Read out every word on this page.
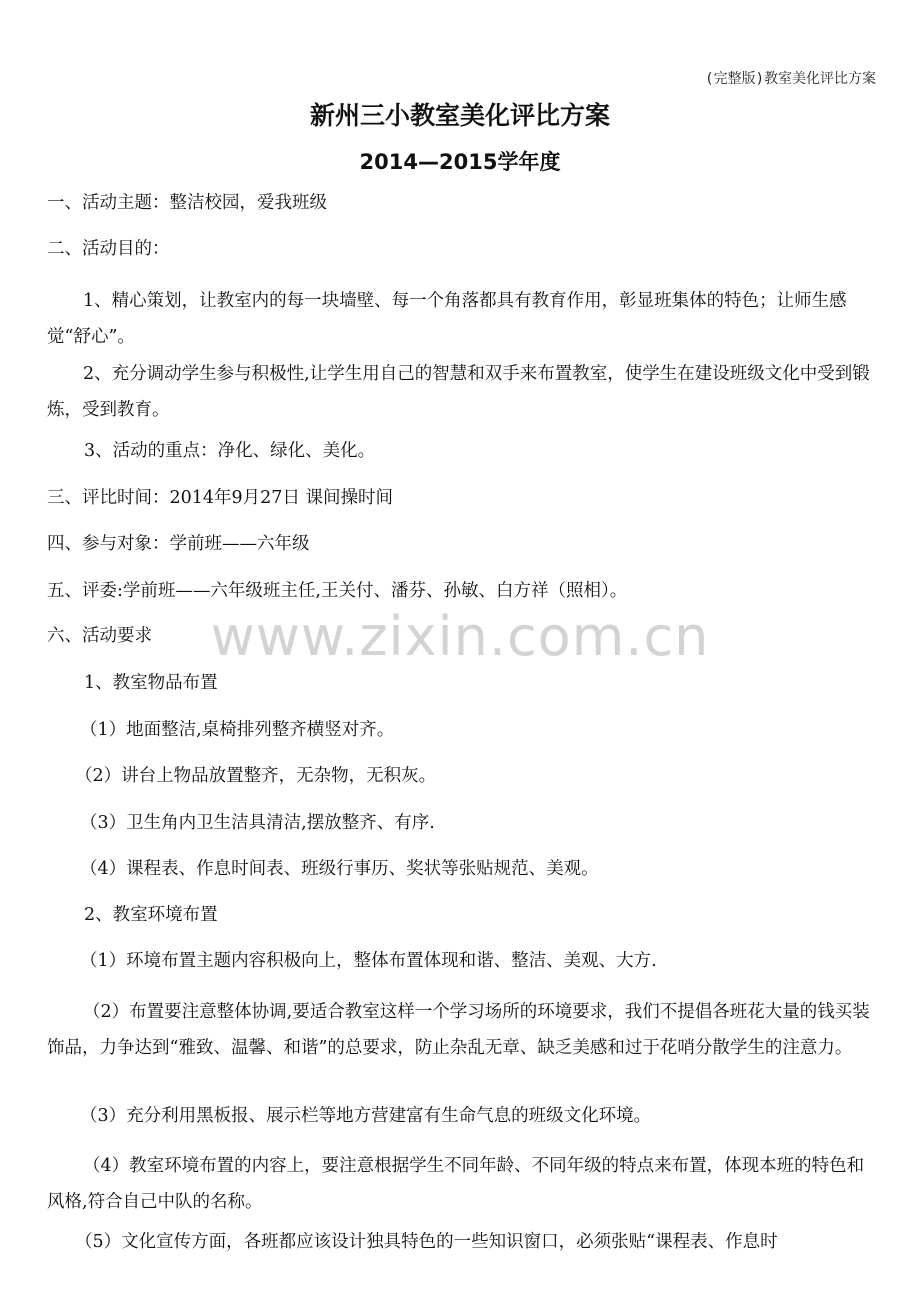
(完整版)教室美化评比方案
新州三小教室美化评比方案
2014—2015学年度
www.zixin.com.cn
一、活动主题：整洁校园，爱我班级
二、活动目的：
1、精心策划，让教室内的每一块墙壁、每一个角落都具有教育作用，彰显班集体的特色；让师生感觉“舒心”。
2、充分调动学生参与积极性,让学生用自己的智慧和双手来布置教室，使学生在建设班级文化中受到锻炼，受到教育。
3、活动的重点：净化、绿化、美化。
三、评比时间：2014年9月27日 课间操时间
四、参与对象：学前班——六年级
五、评委:学前班——六年级班主任,王关付、潘芬、孙敏、白方祥（照相）。
六、活动要求
1、教室物品布置
（1）地面整洁,桌椅排列整齐横竖对齐。
（2）讲台上物品放置整齐，无杂物，无积灰。
（3）卫生角内卫生洁具清洁,摆放整齐、有序.
（4）课程表、作息时间表、班级行事历、奖状等张贴规范、美观。
2、教室环境布置
（1）环境布置主题内容积极向上，整体布置体现和谐、整洁、美观、大方.
（2）布置要注意整体协调,要适合教室这样一个学习场所的环境要求，我们不提倡各班花大量的钱买装饰品，力争达到“雅致、温馨、和谐”的总要求，防止杂乱无章、缺乏美感和过于花哨分散学生的注意力。
（3）充分利用黑板报、展示栏等地方营建富有生命气息的班级文化环境。
（4）教室环境布置的内容上，要注意根据学生不同年龄、不同年级的特点来布置，体现本班的特色和风格,符合自己中队的名称。
（5）文化宣传方面，各班都应该设计独具特色的一些知识窗口，必须张贴“课程表、作息时
